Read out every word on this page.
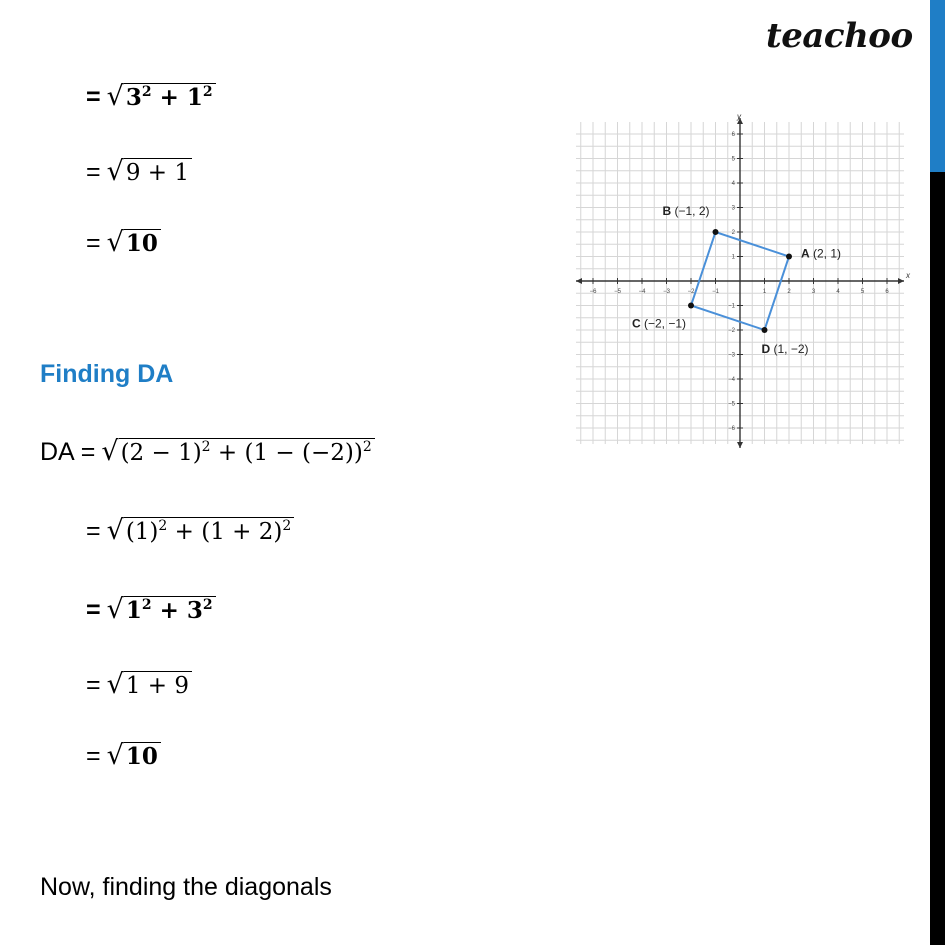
teachoo
= √ $3^2 + 1^2$
= √ 9 + 1
= √ 10
Finding DA
DA = √ $(2 - 1)^2 + (1 - (-2))^2$
= √ $(1)^2 + (1 + 2)^2$
= √ $1^2 + 3^2$
= √ 1 + 9
= √ 10
Now, finding the diagonals
x
y
−6	−5	−4	−3	−2	−1	1	2	3	4	5	6
6
5
4
3
2
1
−1
−2
−3
−4
−5
−6
A (2, 1)
B (−1, 2)
C (−2, −1)
D (1, −2)
